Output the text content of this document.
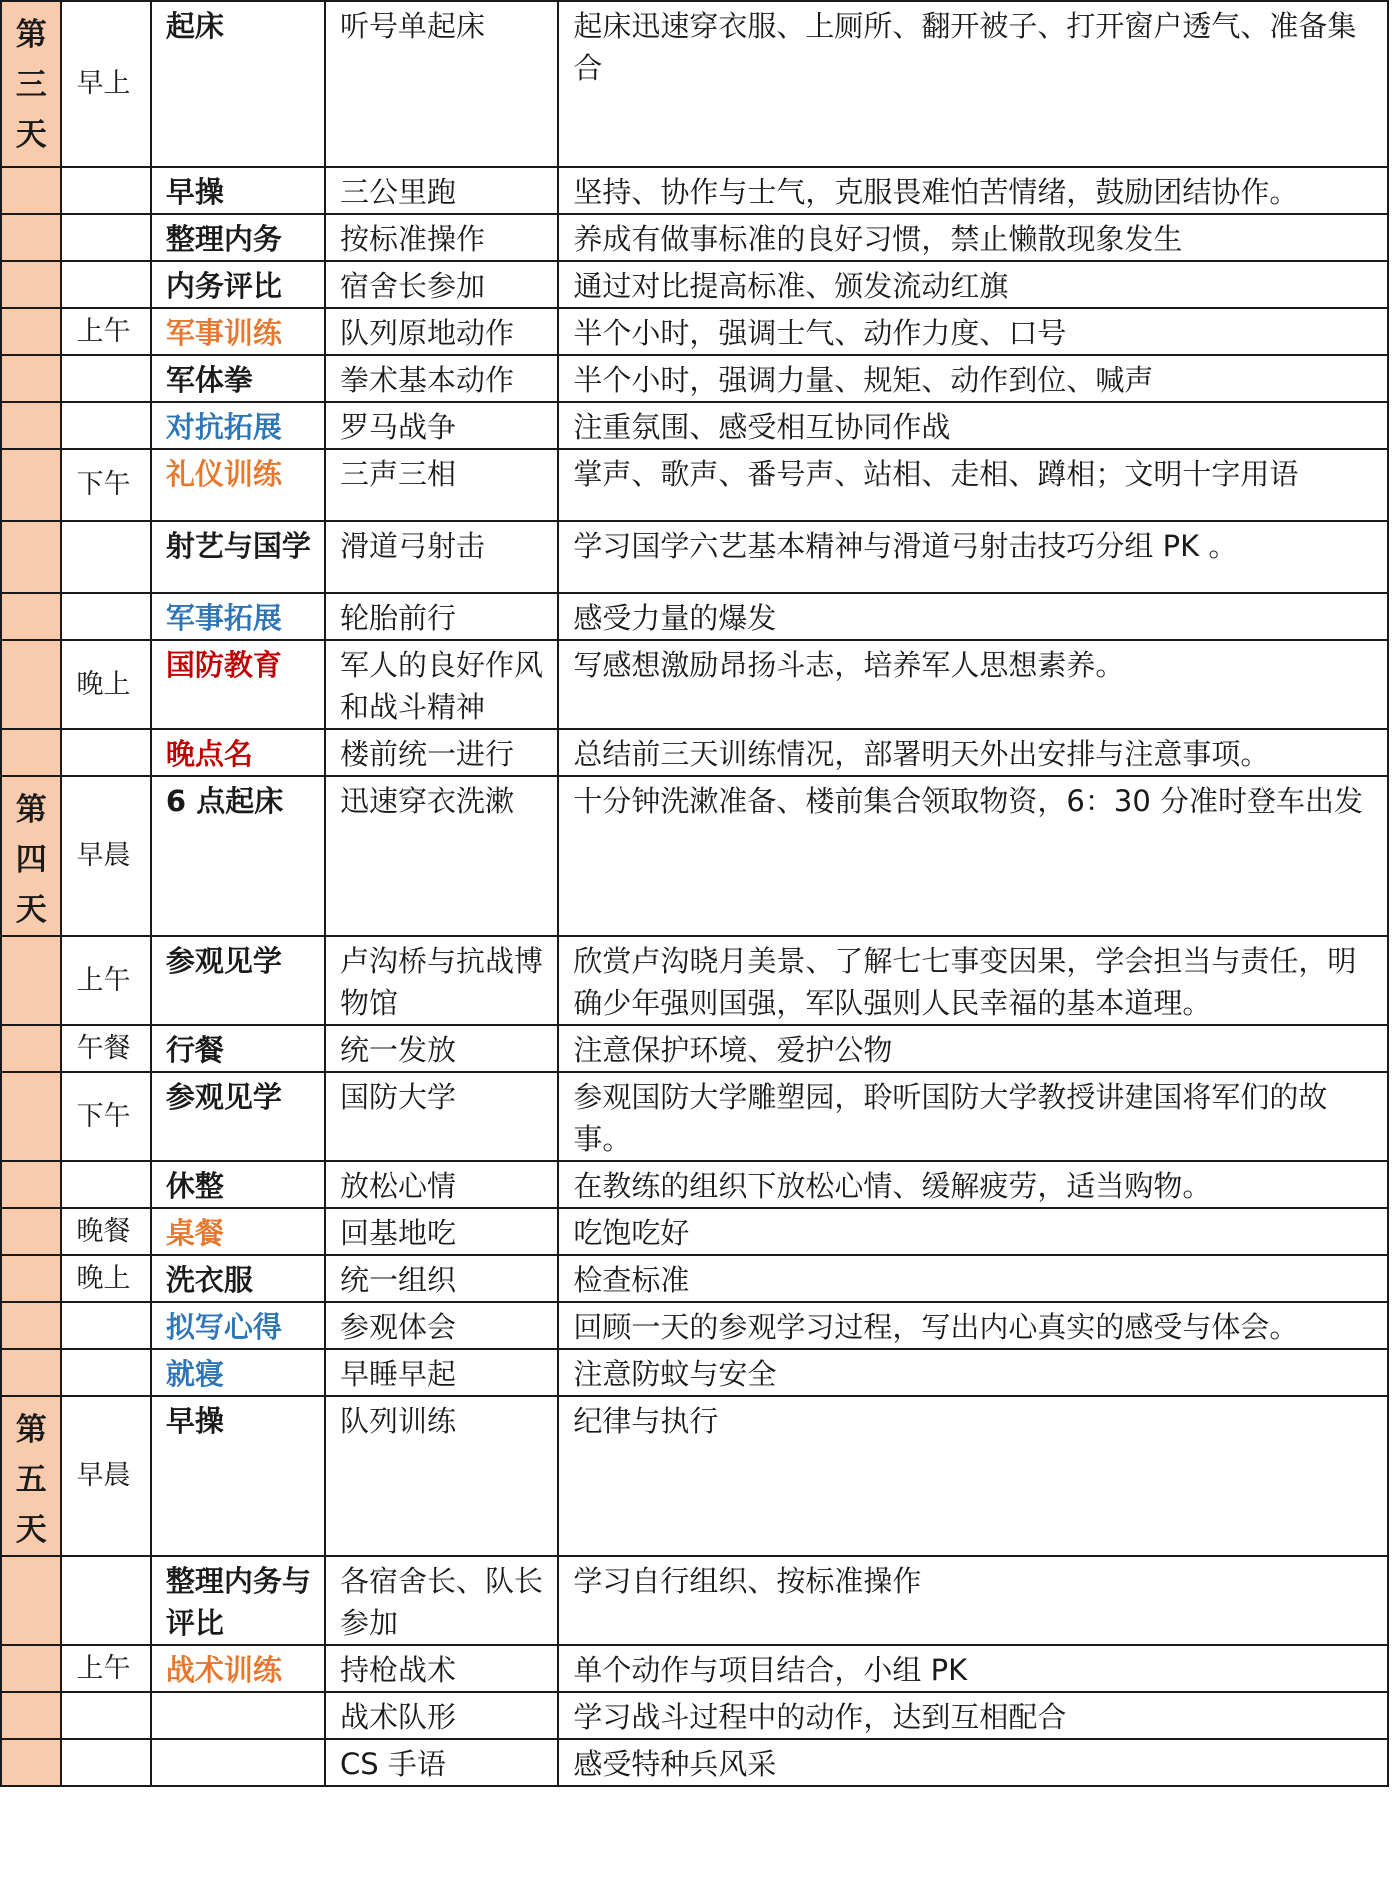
第
三
天	早上	起床	听号单起床	起床迅速穿衣服、上厕所、翻开被子、打开窗户透气、准备集合
		早操	三公里跑	坚持、协作与士气，克服畏难怕苦情绪，鼓励团结协作。
		整理内务	按标准操作	养成有做事标准的良好习惯，禁止懒散现象发生
		内务评比	宿舍长参加	通过对比提高标准、颁发流动红旗
	上午	军事训练	队列原地动作	半个小时，强调士气、动作力度、口号
		军体拳	拳术基本动作	半个小时，强调力量、规矩、动作到位、喊声
		对抗拓展	罗马战争	注重氛围、感受相互协同作战
	下午	礼仪训练	三声三相	掌声、歌声、番号声、站相、走相、蹲相；文明十字用语
		射艺与国学	滑道弓射击	学习国学六艺基本精神与滑道弓射击技巧分组 PK 。
		军事拓展	轮胎前行	感受力量的爆发
	晚上	国防教育	军人的良好作风和战斗精神	写感想激励昂扬斗志，培养军人思想素养。
		晚点名	楼前统一进行	总结前三天训练情况，部署明天外出安排与注意事项。

第
四
天	早晨	6 点起床	迅速穿衣洗漱	十分钟洗漱准备、楼前集合领取物资，6：30 分准时登车出发
	上午	参观见学	卢沟桥与抗战博物馆	欣赏卢沟晓月美景、了解七七事变因果，学会担当与责任，明确少年强则国强，军队强则人民幸福的基本道理。
	午餐	行餐	统一发放	注意保护环境、爱护公物
	下午	参观见学	国防大学	参观国防大学雕塑园，聆听国防大学教授讲建国将军们的故事。
		休整	放松心情	在教练的组织下放松心情、缓解疲劳，适当购物。
	晚餐	桌餐	回基地吃	吃饱吃好
	晚上	洗衣服	统一组织	检查标准
		拟写心得	参观体会	回顾一天的参观学习过程，写出内心真实的感受与体会。
		就寝	早睡早起	注意防蚊与安全

第
五
天	早晨	早操	队列训练	纪律与执行
		整理内务与评比	各宿舍长、队长参加	学习自行组织、按标准操作
	上午	战术训练	持枪战术	单个动作与项目结合，小组 PK
			战术队形	学习战斗过程中的动作，达到互相配合
			CS 手语	感受特种兵风采
